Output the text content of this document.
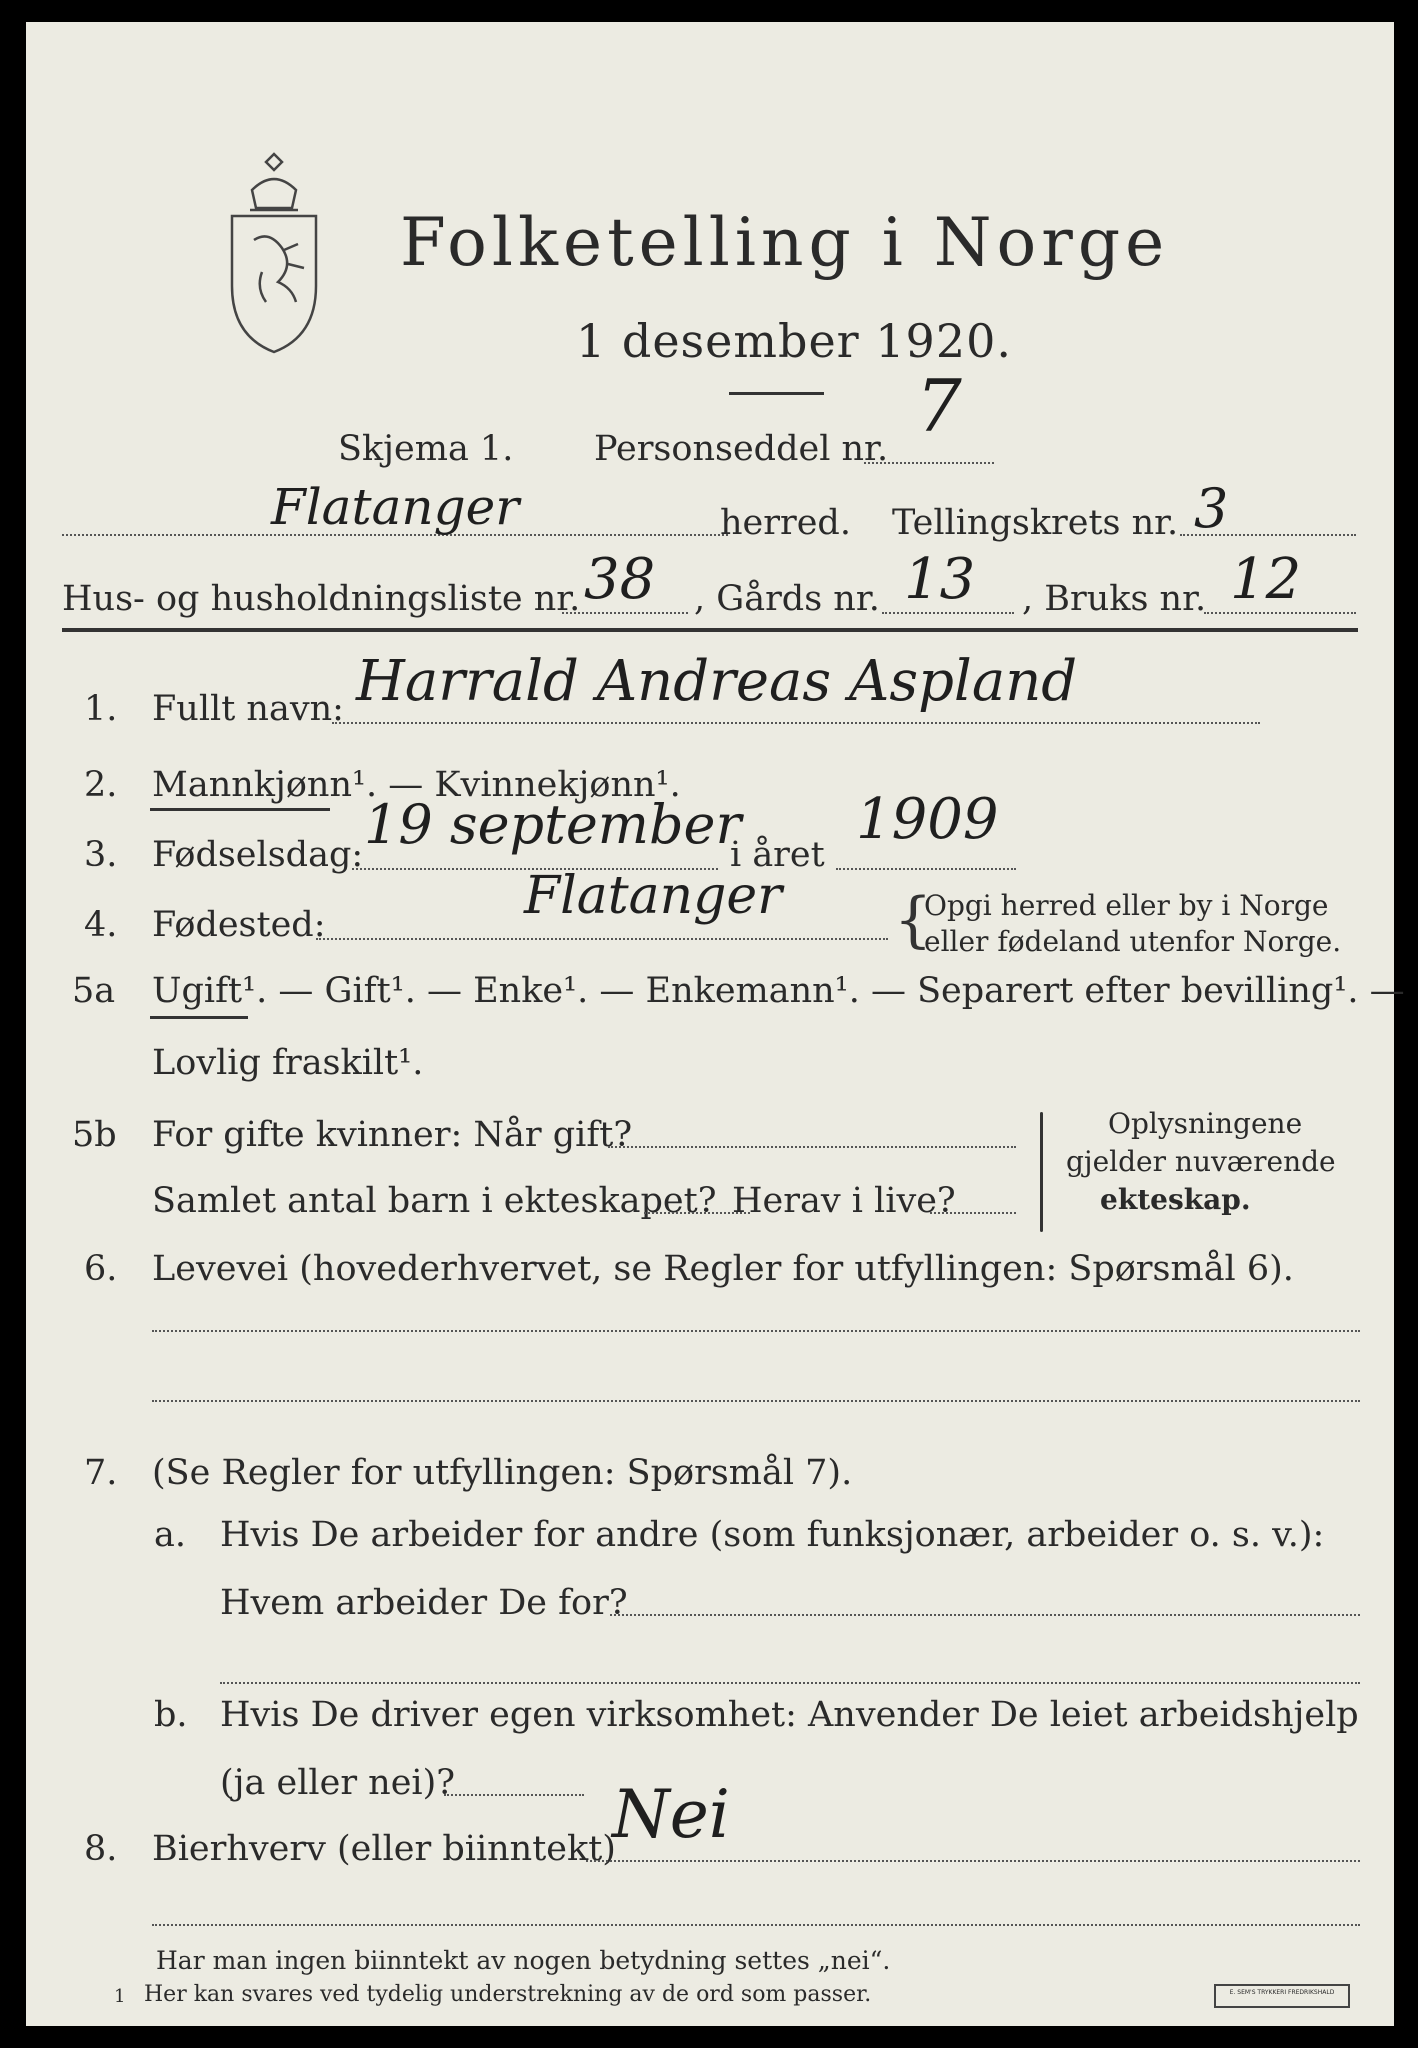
Folketelling i Norge
1 desember 1920.
Skjema 1. Personseddel nr.
7
Flatanger	herred. Tellingskrets nr. 3
Hus- og husholdningsliste nr. 38 , Gårds nr. 13 , Bruks nr. 12
1. Fullt navn: Harrald Andreas Aspland
2. Mannkjønn¹. — Kvinnekjønn¹.
3. Fødselsdag: 19 september
i året
1909
4. Fødested:	Flatanger {
Opgi herred eller by i Norge
eller fødeland utenfor Norge.
5a Ugift¹. — Gift¹. — Enke¹. — Enkemann¹. — Separert efter bevilling¹. —
Lovlig fraskilt¹.
5b For gifte kvinner: Når gift?
Samlet antal barn i ekteskapet? Herav i live?
Oplysningene
gjelder nuværende
ekteskap.
6. Levevei (hovederhvervet, se Regler for utfyllingen: Spørsmål 6).
7. (Se Regler for utfyllingen: Spørsmål 7).
a. Hvis De arbeider for andre (som funksjonær, arbeider o. s. v.):
Hvem arbeider De for?
b. Hvis De driver egen virksomhet: Anvender De leiet arbeidshjelp
(ja eller nei)?
8. Bierhverv (eller biinntekt)
Nei
Har man ingen biinntekt av nogen betydning settes „nei“.
1 Her kan svares ved tydelig understrekning av de ord som passer.	E. SEM'S TRYKKERI FREDRIKSHALD
